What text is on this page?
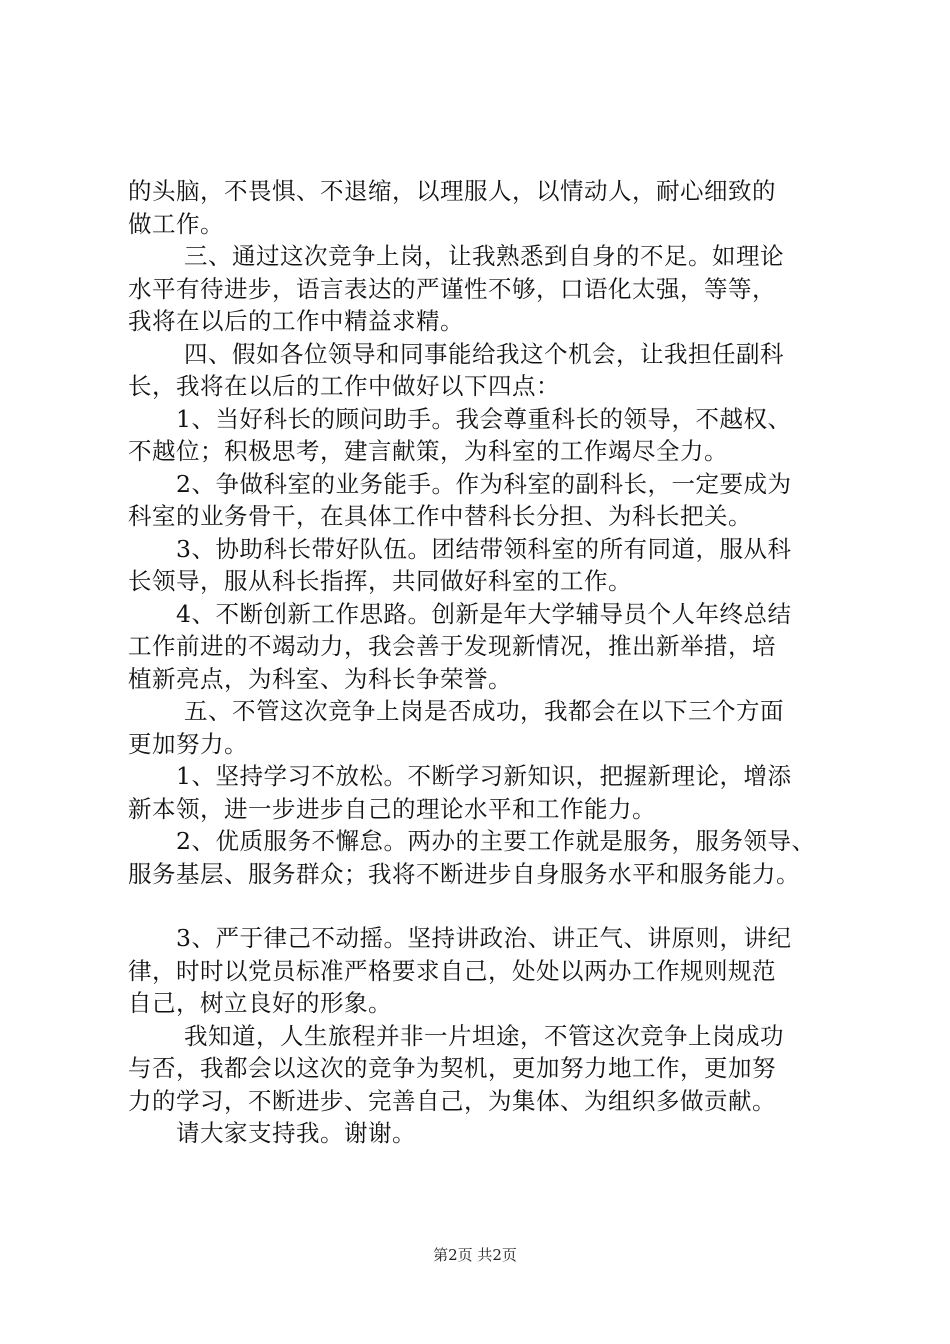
的头脑，不畏惧、不退缩，以理服人，以情动人，耐心细致的
做工作。
三、通过这次竞争上岗，让我熟悉到自身的不足。如理论
水平有待进步，语言表达的严谨性不够，口语化太强，等等，
我将在以后的工作中精益求精。
四、假如各位领导和同事能给我这个机会，让我担任副科
长，我将在以后的工作中做好以下四点：
1、当好科长的顾问助手。我会尊重科长的领导，不越权、
不越位；积极思考，建言献策，为科室的工作竭尽全力。
2、争做科室的业务能手。作为科室的副科长，一定要成为
科室的业务骨干，在具体工作中替科长分担、为科长把关。
3、协助科长带好队伍。团结带领科室的所有同道，服从科
长领导，服从科长指挥，共同做好科室的工作。
4、不断创新工作思路。创新是年大学辅导员个人年终总结
工作前进的不竭动力，我会善于发现新情况，推出新举措，培
植新亮点，为科室、为科长争荣誉。
五、不管这次竞争上岗是否成功，我都会在以下三个方面
更加努力。
1、坚持学习不放松。不断学习新知识，把握新理论，增添
新本领，进一步进步自己的理论水平和工作能力。
2、优质服务不懈怠。两办的主要工作就是服务，服务领导、
服务基层、服务群众；我将不断进步自身服务水平和服务能力。
3、严于律己不动摇。坚持讲政治、讲正气、讲原则，讲纪
律，时时以党员标准严格要求自己，处处以两办工作规则规范
自己，树立良好的形象。
我知道，人生旅程并非一片坦途，不管这次竞争上岗成功
与否，我都会以这次的竞争为契机，更加努力地工作，更加努
力的学习，不断进步、完善自己，为集体、为组织多做贡献。
请大家支持我。谢谢。
第2页 共2页
